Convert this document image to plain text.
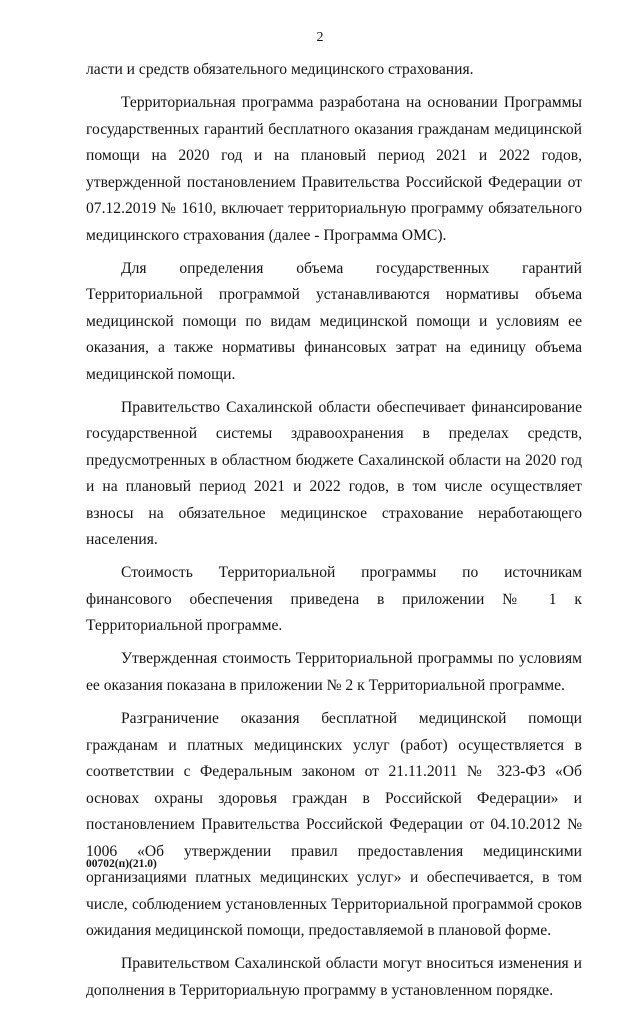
2

ласти и средств обязательного медицинского страхования.

Территориальная программа разработана на основании Программы государственных гарантий бесплатного оказания гражданам медицинской помощи на 2020 год и на плановый период 2021 и 2022 годов, утвержденной постановлением Правительства Российской Федерации от 07.12.2019 № 1610, включает территориальную программу обязательного медицинского страхования (далее - Программа ОМС).

Для определения объема государственных гарантий Территориальной программой устанавливаются нормативы объема медицинской помощи по видам медицинской помощи и условиям ее оказания, а также нормативы финансовых затрат на единицу объема медицинской помощи.

Правительство Сахалинской области обеспечивает финансирование государственной системы здравоохранения в пределах средств, предусмотренных в областном бюджете Сахалинской области на 2020 год и на плановый период 2021 и 2022 годов, в том числе осуществляет взносы на обязательное медицинское страхование неработающего населения.

Стоимость Территориальной программы по источникам финансового обеспечения приведена в приложении № 1 к Территориальной программе.

Утвержденная стоимость Территориальной программы по условиям ее оказания показана в приложении № 2 к Территориальной программе.

Разграничение оказания бесплатной медицинской помощи гражданам и платных медицинских услуг (работ) осуществляется в соответствии с Федеральным законом от 21.11.2011 № 323-ФЗ «Об основах охраны здоровья граждан в Российской Федерации» и постановлением Правительства Российской Федерации от 04.10.2012 № 1006 «Об утверждении правил предоставления медицинскими организациями платных медицинских услуг» и обеспечивается, в том числе, соблюдением установленных Территориальной программой сроков ожидания медицинской помощи, предоставляемой в плановой форме.

Правительством Сахалинской области могут вноситься изменения и дополнения в Территориальную программу в установленном порядке.

00702(п)(21.0)
